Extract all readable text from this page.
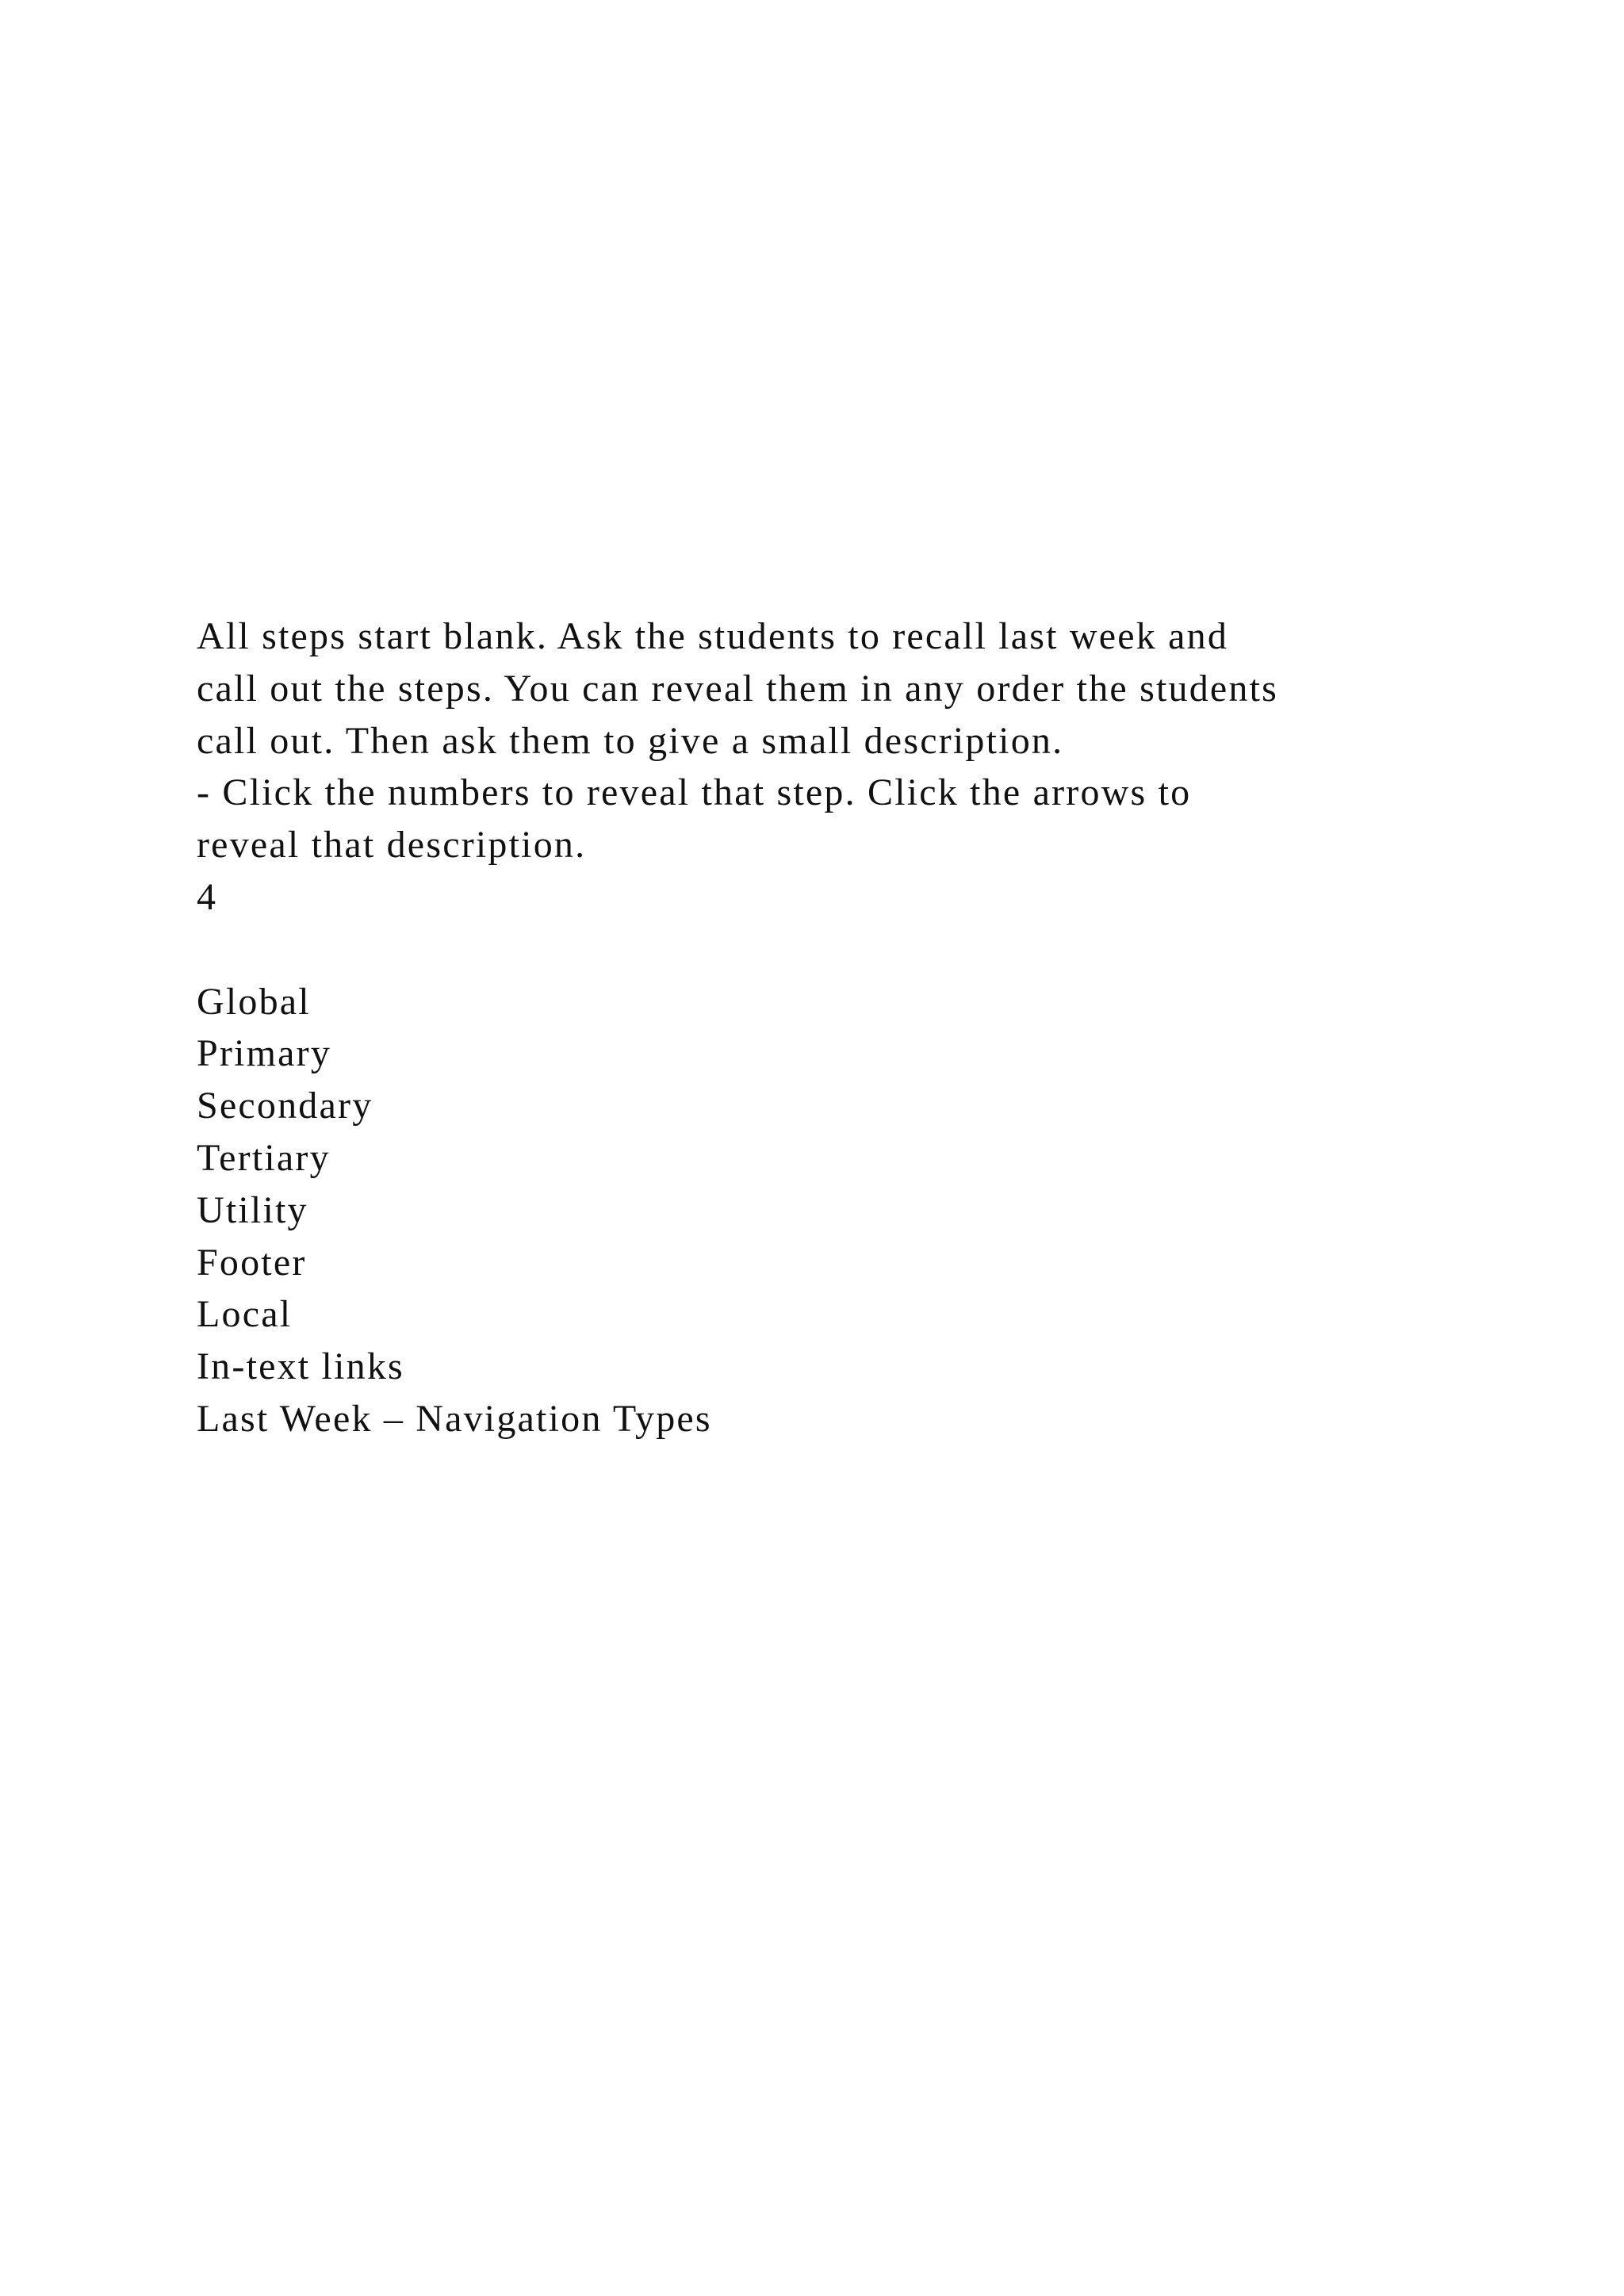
All steps start blank. Ask the students to recall last week and
call out the steps. You can reveal them in any order the students
call out. Then ask them to give a small description.
- Click the numbers to reveal that step. Click the arrows to
reveal that description.
4
Global
Primary
Secondary
Tertiary
Utility
Footer
Local
In-text links
Last Week – Navigation Types
